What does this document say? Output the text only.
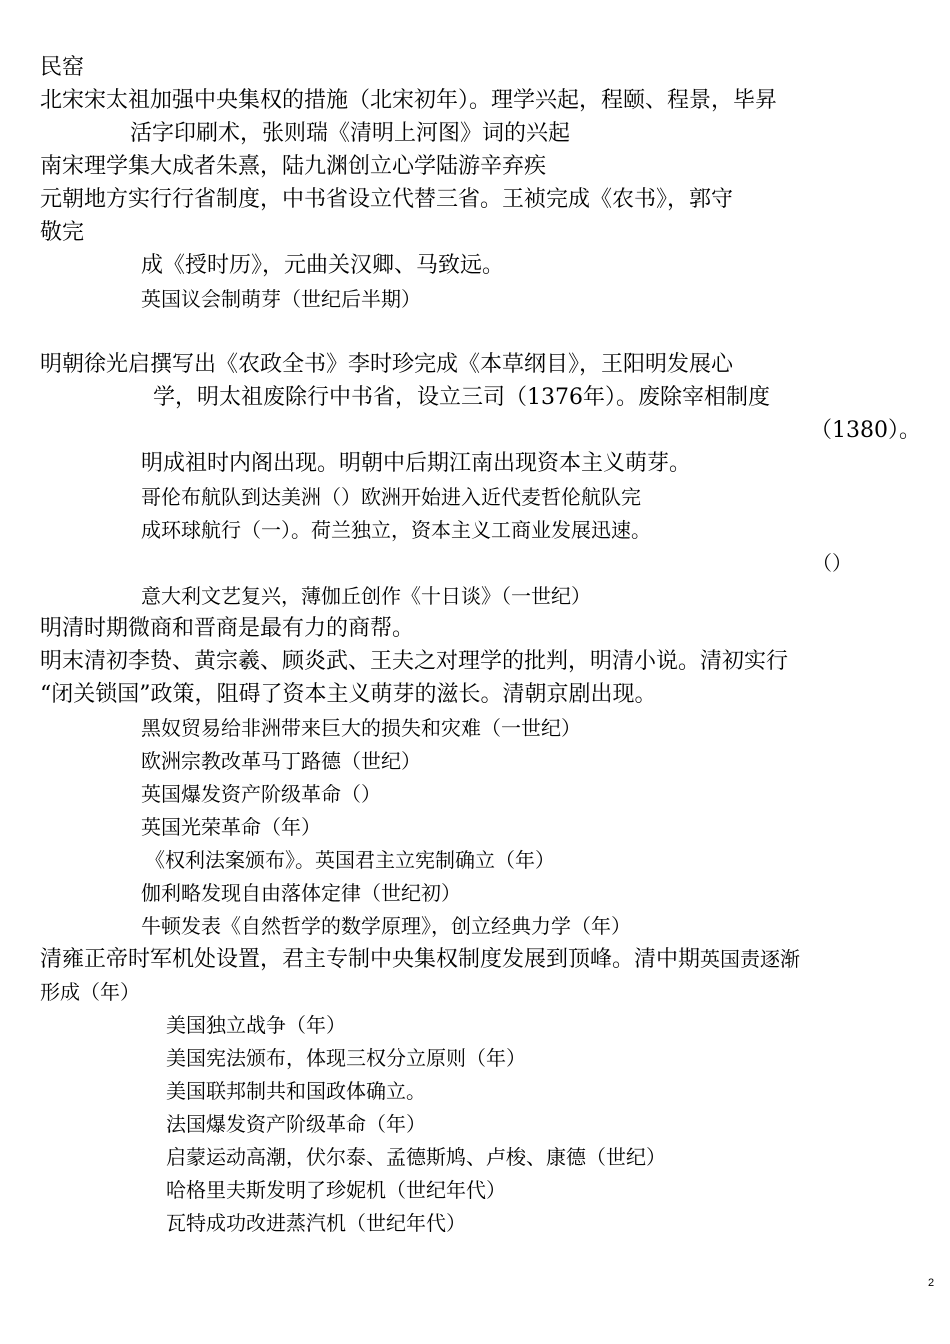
民窑
北宋宋太祖加强中央集权的措施（北宋初年）。理学兴起，程颐、程景，毕昇
活字印刷术，张则瑞《清明上河图》词的兴起
南宋理学集大成者朱熹，陆九渊创立心学陆游辛弃疾
元朝地方实行行省制度，中书省设立代替三省。王祯完成《农书》，郭守
敬完
成《授时历》，元曲关汉卿、马致远。
英国议会制萌芽（世纪后半期）
明朝徐光启撰写出《农政全书》李时珍完成《本草纲目》，王阳明发展心
学，明太祖废除行中书省，设立三司（1376年）。废除宰相制度
（1380）。
明成祖时内阁出现。明朝中后期江南出现资本主义萌芽。
哥伦布航队到达美洲（）欧洲开始进入近代麦哲伦航队完
成环球航行（一）。荷兰独立，资本主义工商业发展迅速。
（）
意大利文艺复兴，薄伽丘创作《十日谈》（一世纪）
明清时期微商和晋商是最有力的商帮。
明末清初李贽、黄宗羲、顾炎武、王夫之对理学的批判，明清小说。清初实行
“闭关锁国”政策，阻碍了资本主义萌芽的滋长。清朝京剧出现。
黑奴贸易给非洲带来巨大的损失和灾难（一世纪）
欧洲宗教改革马丁路德（世纪）
英国爆发资产阶级革命（）
英国光荣革命（年）
《权利法案颁布》。英国君主立宪制确立（年）
伽利略发现自由落体定律（世纪初）
牛顿发表《自然哲学的数学原理》，创立经典力学（年）
清雍正帝时军机处设置，君主专制中央集权制度发展到顶峰。清中期英国责逐渐
形成（年）
美国独立战争（年）
美国宪法颁布，体现三权分立原则（年）
美国联邦制共和国政体确立。
法国爆发资产阶级革命（年）
启蒙运动高潮，伏尔泰、孟德斯鸠、卢梭、康德（世纪）
哈格里夫斯发明了珍妮机（世纪年代）
瓦特成功改进蒸汽机（世纪年代）
2
